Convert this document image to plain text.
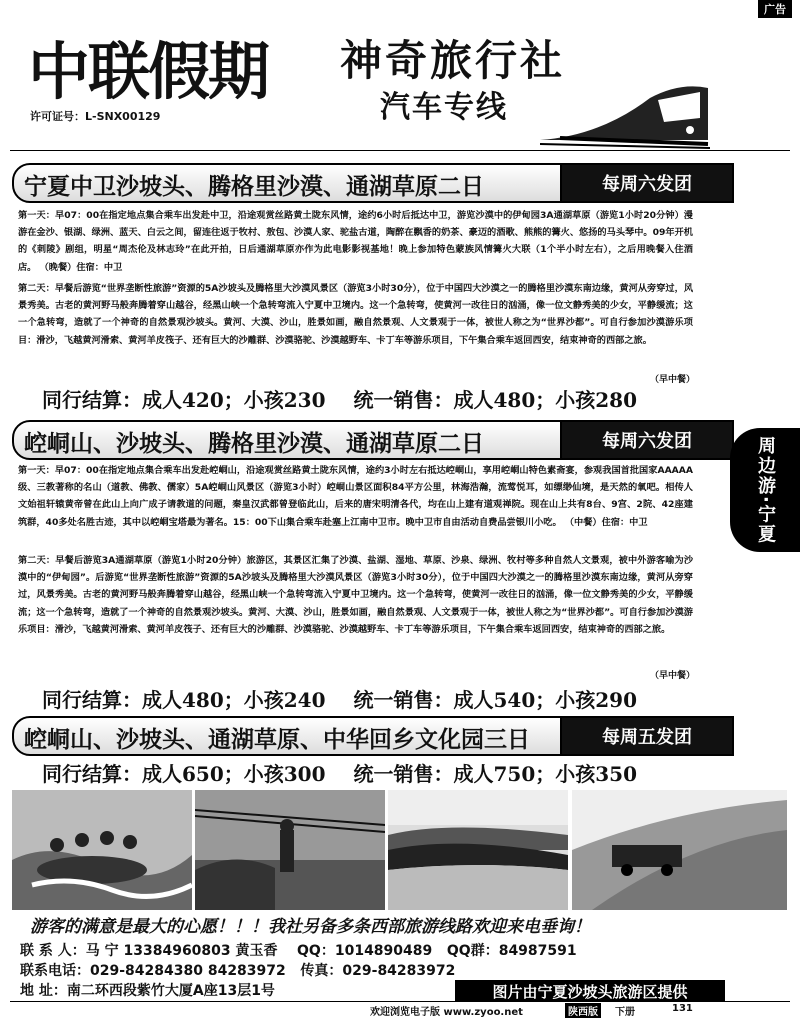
广告
中联假期 神奇旅行社
汽车专线
许可证号：L-SNX00129
宁夏中卫沙坡头、腾格里沙漠、通湖草原二日	每周六发团
第一天：早07：00在指定地点集合乘车出发赴中卫，沿途观赏丝路黄土陇东风情，途约6小时后抵达中卫，游览沙漠中的伊甸园3A通湖草原（游览1小时20分钟）漫游在金沙、银湖、绿洲、蓝天、白云之间，留连往返于牧村、敖包、沙漠人家、驼盐古道，陶醉在飘香的奶茶、豪迈的酒歌、熊熊的篝火、悠扬的马头琴中。09年开机的《刺陵》剧组，明星“周杰伦及林志玲”在此开拍，日后通湖草原亦作为此电影影视基地！晚上参加特色蒙族风情篝火大联（1个半小时左右），之后用晚餐入住酒店。 （晚餐）住宿：中卫
第二天：早餐后游览“世界垄断性旅游”资源的5A沙坡头及腾格里大沙漠风景区（游览3小时30分），位于中国四大沙漠之一的腾格里沙漠东南边缘，黄河从旁穿过，风景秀美。古老的黄河野马般奔腾着穿山越谷，经黑山峡一个急转弯流入宁夏中卫境内。这一个急转弯，使黄河一改往日的汹涌，像一位文静秀美的少女，平静缓流；这一个急转弯，造就了一个神奇的自然景观沙坡头。黄河、大漠、沙山，胜景如画，融自然景观、人文景观于一体，被世人称之为“世界沙都”。可自行参加沙漠游乐项目：滑沙，飞越黄河滑索、黄河羊皮筏子、还有巨大的沙雕群、沙漠骆驼、沙漠越野车、卡丁车等游乐项目，下午集合乘车返回西安，结束神奇的西部之旅。
（早中餐）
同行结算：成人420；小孩230 统一销售：成人480；小孩280
崆峒山、沙坡头、腾格里沙漠、通湖草原二日	每周六发团
第一天：早07：00在指定地点集合乘车出发赴崆峒山，沿途观赏丝路黄土陇东风情，途约3小时左右抵达崆峒山，享用崆峒山特色素斋宴，参观我国首批国家AAAAA级、三教著称的名山（道教、佛教、儒家）5A崆峒山风景区（游览3小时）崆峒山景区面积84平方公里，林海浩瀚，流莺悦耳，如缥缈仙境，是天然的氧吧。相传人文始祖轩辕黄帝曾在此山上向广成子请教道的问题，秦皇汉武都曾登临此山，后来的唐宋明清各代，均在山上建有道观禅院。现在山上共有8台、9宫、2院、42座建筑群，40多处名胜古迹，其中以崆峒宝塔最为著名。15：00下山集合乘车赴塞上江南中卫市。晚中卫市自由活动自费品尝银川小吃。 （中餐）住宿：中卫
第二天：早餐后游览3A通湖草原（游览1小时20分钟）旅游区，其景区汇集了沙漠、盐湖、湿地、草原、沙泉、绿洲、牧村等多种自然人文景观，被中外游客喻为沙漠中的“伊甸园”。后游览“世界垄断性旅游”资源的5A沙坡头及腾格里大沙漠风景区（游览3小时30分），位于中国四大沙漠之一的腾格里沙漠东南边缘，黄河从旁穿过，风景秀美。古老的黄河野马般奔腾着穿山越谷，经黑山峡一个急转弯流入宁夏中卫境内。这一个急转弯，使黄河一改往日的汹涌，像一位文静秀美的少女，平静缓流；这一个急转弯，造就了一个神奇的自然景观沙坡头。黄河、大漠、沙山，胜景如画，融自然景观、人文景观于一体，被世人称之为“世界沙都”。可自行参加沙漠游乐项目：滑沙，飞越黄河滑索、黄河羊皮筏子、还有巨大的沙雕群、沙漠骆驼、沙漠越野车、卡丁车等游乐项目，下午集合乘车返回西安，结束神奇的西部之旅。
（早中餐）
同行结算：成人480；小孩240 统一销售：成人540；小孩290
崆峒山、沙坡头、通湖草原、中华回乡文化园三日	每周五发团
同行结算：成人650；小孩300 统一销售：成人750；小孩350
周边游·宁夏
游客的满意是最大的心愿！！！我社另备多条西部旅游线路欢迎来电垂询！
联 系 人：马 宁 13384960803 黄玉香 QQ：1014890489 QQ群：84987591
联系电话：029-84284380 84283972 传真：029-84283972
地 址：南二环西段紫竹大厦A座13层1号	图片由宁夏沙坡头旅游区提供
欢迎浏览电子版 www.zyoo.net	陕西版	下册	131
